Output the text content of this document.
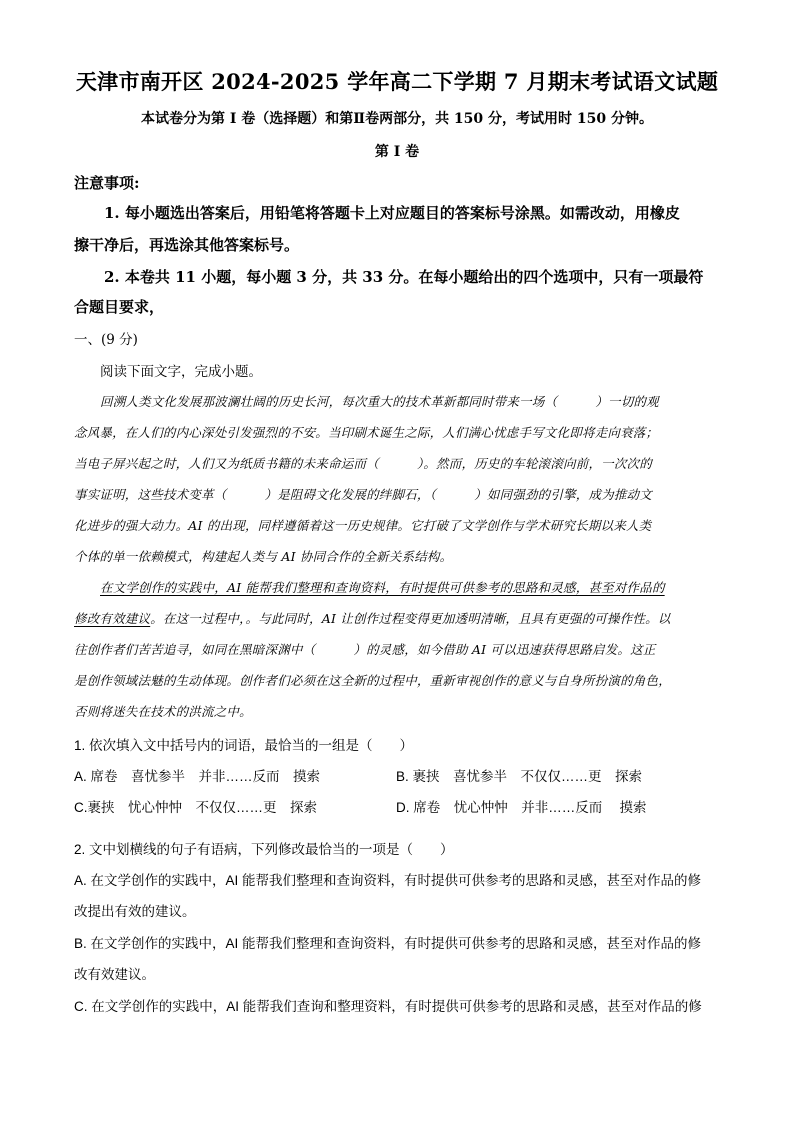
天津市南开区 2024-2025 学年高二下学期 7 月期末考试语文试题
本试卷分为第 I 卷（选择题）和第Ⅱ卷两部分，共 150 分，考试用时 150 分钟。
第 I 卷
注意事项:
1. 每小题选出答案后，用铅笔将答题卡上对应题目的答案标号涂黑。如需改动，用橡皮
擦干净后，再选涂其他答案标号。
2. 本卷共 11 小题，每小题 3 分，共 33 分。在每小题给出的四个选项中，只有一项最符
合题目要求，
一、(9 分)
阅读下面文字，完成小题。
回溯人类文化发展那波澜壮阔的历史长河，每次重大的技术革新都同时带来一场（　　　）一切的观
念风暴，在人们的内心深处引发强烈的不安。当印刷术诞生之际，人们满心忧虑手写文化即将走向衰落；
当电子屏兴起之时，人们又为纸质书籍的未来命运而（　　　）。然而，历史的车轮滚滚向前，一次次的
事实证明，这些技术变革（　　　）是阻碍文化发展的绊脚石，（　　　）如同强劲的引擎，成为推动文
化进步的强大动力。AI 的出现，同样遵循着这一历史规律。它打破了文学创作与学术研究长期以来人类
个体的单一依赖模式，构建起人类与 AI 协同合作的全新关系结构。
在文学创作的实践中，AI 能帮我们整理和查询资料，有时提供可供参考的思路和灵感，甚至对作品的
修改有效建议。在这一过程中，。与此同时，AI 让创作过程变得更加透明清晰，且具有更强的可操作性。以
往创作者们苦苦追寻，如同在黑暗深渊中（　　　）的灵感，如今借助 AI 可以迅速获得思路启发。这正
是创作领域法魅的生动体现。创作者们必须在这全新的过程中，重新审视创作的意义与自身所扮演的角色，
否则将迷失在技术的洪流之中。
1. 依次填入文中括号内的词语，最恰当的一组是（　　）
A. 席卷　喜忧参半　并非……反而　摸索	B. 裹挟　喜忧参半　不仅仅……更　探索
C.裹挟　忧心忡忡　不仅仅……更　探索	D. 席卷　忧心忡忡　并非……反而　 摸索
2. 文中划横线的句子有语病，下列修改最恰当的一项是（　　）
A. 在文学创作的实践中，AI 能帮我们整理和查询资料，有时提供可供参考的思路和灵感，甚至对作品的修
改提出有效的建议。
B. 在文学创作的实践中，AI 能帮我们整理和查询资料，有时提供可供参考的思路和灵感，甚至对作品的修
改有效建议。
C. 在文学创作的实践中，AI 能帮我们查询和整理资料，有时提供可供参考的思路和灵感，甚至对作品的修
